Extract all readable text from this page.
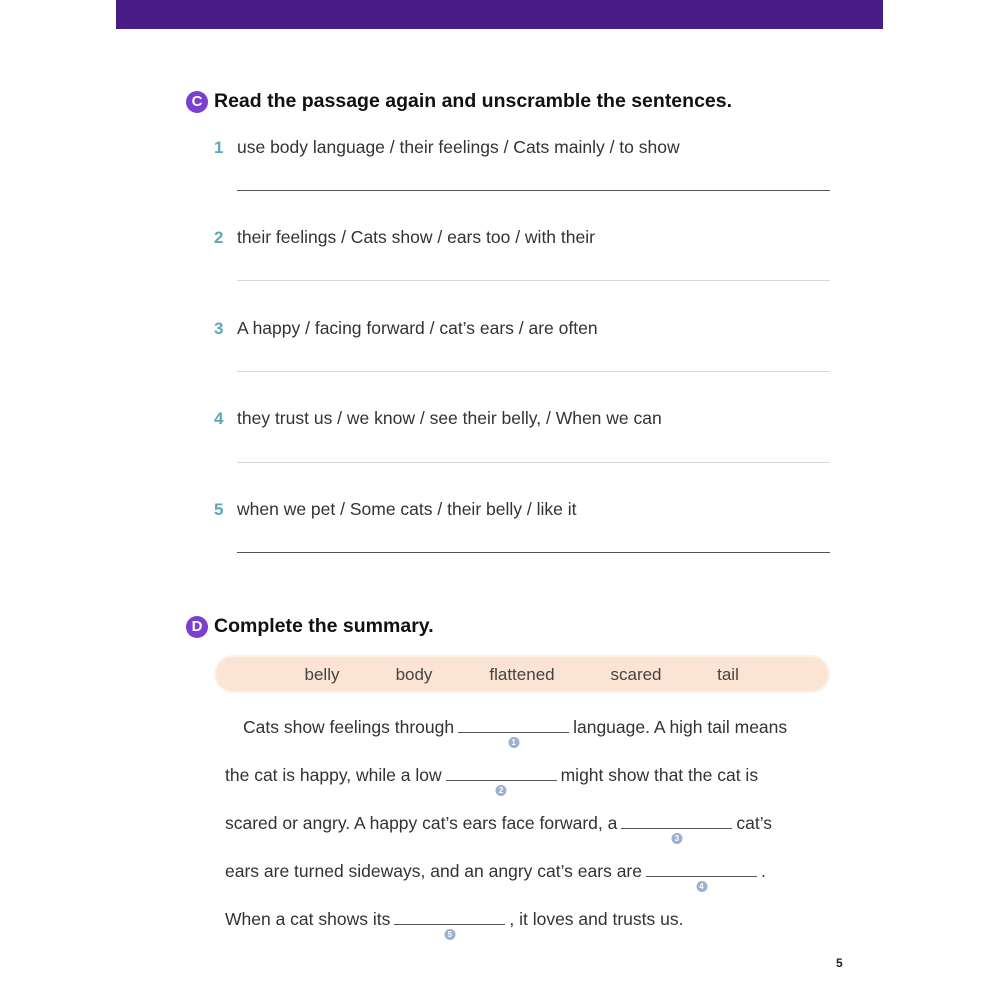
C Read the passage again and unscramble the sentences.
1 use body language / their feelings / Cats mainly / to show
2 their feelings / Cats show / ears too / with their
3 A happy / facing forward / cat’s ears / are often
4 they trust us / we know / see their belly, / When we can
5 when we pet / Some cats / their belly / like it
D Complete the summary.
belly	body	flattened	scared	tail
Cats show feelings through
1
language. A high tail means
the cat is happy, while a low
2
might show that the cat is
scared or angry. A happy cat’s ears face forward, a
3
cat’s
ears are turned sideways, and an angry cat’s ears are
4
.
When a cat shows its
5
, it loves and trusts us.
5
